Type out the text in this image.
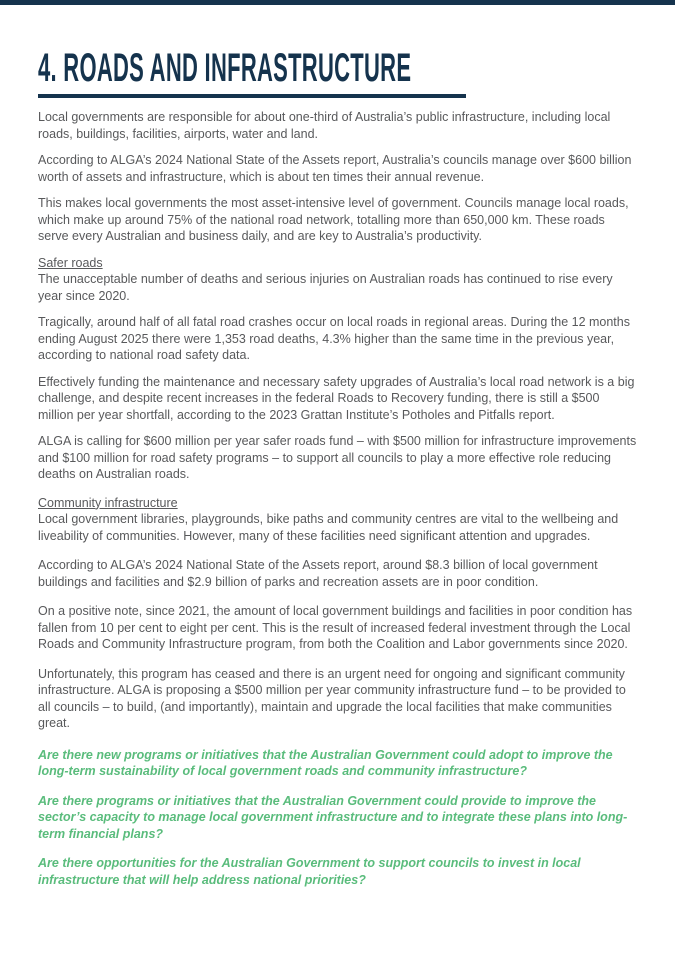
4. ROADS AND INFRASTRUCTURE

Local governments are responsible for about one-third of Australia’s public infrastructure, including local roads, buildings, facilities, airports, water and land.

According to ALGA’s 2024 National State of the Assets report, Australia’s councils manage over $600 billion worth of assets and infrastructure, which is about ten times their annual revenue.

This makes local governments the most asset-intensive level of government. Councils manage local roads, which make up around 75% of the national road network, totalling more than 650,000 km. These roads serve every Australian and business daily, and are key to Australia’s productivity.

Safer roads

The unacceptable number of deaths and serious injuries on Australian roads has continued to rise every year since 2020.

Tragically, around half of all fatal road crashes occur on local roads in regional areas. During the 12 months ending August 2025 there were 1,353 road deaths, 4.3% higher than the same time in the previous year, according to national road safety data.

Effectively funding the maintenance and necessary safety upgrades of Australia’s local road network is a big challenge, and despite recent increases in the federal Roads to Recovery funding, there is still a $500 million per year shortfall, according to the 2023 Grattan Institute’s Potholes and Pitfalls report.

ALGA is calling for $600 million per year safer roads fund – with $500 million for infrastructure improvements and $100 million for road safety programs – to support all councils to play a more effective role reducing deaths on Australian roads.

Community infrastructure

Local government libraries, playgrounds, bike paths and community centres are vital to the wellbeing and liveability of communities. However, many of these facilities need significant attention and upgrades.

According to ALGA’s 2024 National State of the Assets report, around $8.3 billion of local government buildings and facilities and $2.9 billion of parks and recreation assets are in poor condition.

On a positive note, since 2021, the amount of local government buildings and facilities in poor condition has fallen from 10 per cent to eight per cent. This is the result of increased federal investment through the Local Roads and Community Infrastructure program, from both the Coalition and Labor governments since 2020.

Unfortunately, this program has ceased and there is an urgent need for ongoing and significant community infrastructure. ALGA is proposing a $500 million per year community infrastructure fund – to be provided to all councils – to build, (and importantly), maintain and upgrade the local facilities that make communities great.

Are there new programs or initiatives that the Australian Government could adopt to improve the long-term sustainability of local government roads and community infrastructure?

Are there programs or initiatives that the Australian Government could provide to improve the sector’s capacity to manage local government infrastructure and to integrate these plans into long-term financial plans?

Are there opportunities for the Australian Government to support councils to invest in local infrastructure that will help address national priorities?
